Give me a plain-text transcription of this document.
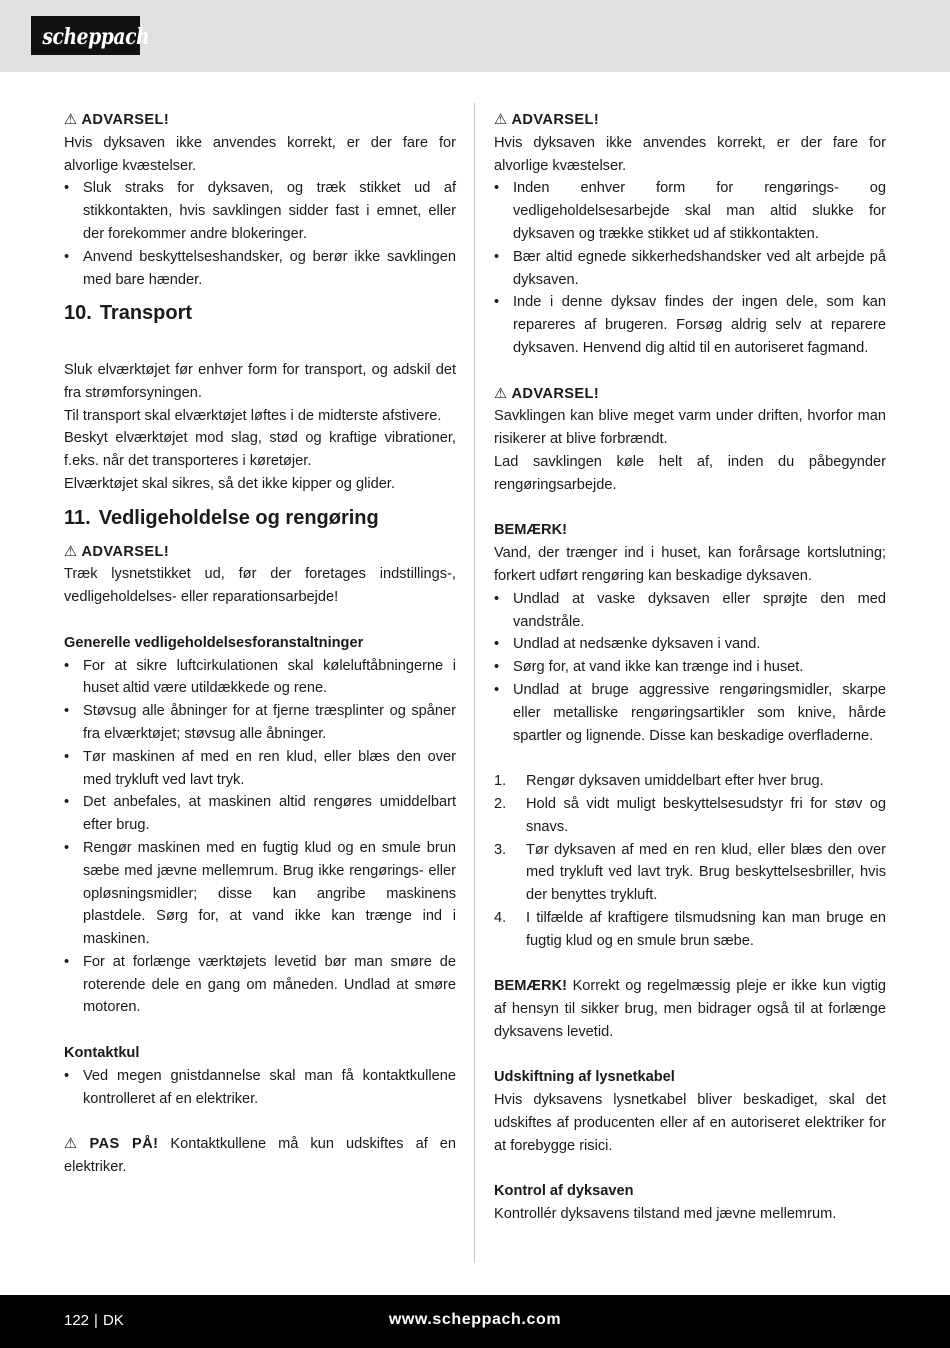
scheppach

⚠ ADVARSEL!

Hvis dyksaven ikke anvendes korrekt, er der fare for alvorlige kvæstelser.

• Sluk straks for dyksaven, og træk stikket ud af stikkontakten, hvis savklingen sidder fast i emnet, eller der forekommer andre blokeringer.
• Anvend beskyttelseshandsker, og berør ikke savklingen med bare hænder.
10. Transport

Sluk elværktøjet før enhver form for transport, og adskil det fra strømforsyningen.

Til transport skal elværktøjet løftes i de midterste afstivere.

Beskyt elværktøjet mod slag, stød og kraftige vibrationer, f.eks. når det transporteres i køretøjer.

Elværktøjet skal sikres, så det ikke kipper og glider.

11. Vedligeholdelse og rengøring

⚠ ADVARSEL!

Træk lysnetstikket ud, før der foretages indstillings-, vedligeholdelses- eller reparationsarbejde!

Generelle vedligeholdelsesforanstaltninger

• For at sikre luftcirkulationen skal køleluftåbningerne i huset altid være utildækkede og rene.
• Støvsug alle åbninger for at fjerne træsplinter og spåner fra elværktøjet; støvsug alle åbninger.
• Tør maskinen af med en ren klud, eller blæs den over med trykluft ved lavt tryk.
• Det anbefales, at maskinen altid rengøres umiddelbart efter brug.
• Rengør maskinen med en fugtig klud og en smule brun sæbe med jævne mellemrum. Brug ikke rengørings- eller opløsningsmidler; disse kan angribe maskinens plastdele. Sørg for, at vand ikke kan trænge ind i maskinen.
• For at forlænge værktøjets levetid bør man smøre de roterende dele en gang om måneden. Undlad at smøre motoren.

Kontaktkul

• Ved megen gnistdannelse skal man få kontaktkullene kontrolleret af en elektriker.

⚠ PAS PÅ! Kontaktkullene må kun udskiftes af en elektriker.

⚠ ADVARSEL!

Hvis dyksaven ikke anvendes korrekt, er der fare for alvorlige kvæstelser.

• Inden enhver form for rengørings- og vedligeholdelsesarbejde skal man altid slukke for dyksaven og trække stikket ud af stikkontakten.
• Bær altid egnede sikkerhedshandsker ved alt arbejde på dyksaven.
• Inde i denne dyksav findes der ingen dele, som kan repareres af brugeren. Forsøg aldrig selv at reparere dyksaven. Henvend dig altid til en autoriseret fagmand.

⚠ ADVARSEL!

Savklingen kan blive meget varm under driften, hvorfor man risikerer at blive forbrændt.

Lad savklingen køle helt af, inden du påbegynder rengøringsarbejde.

BEMÆRK!

Vand, der trænger ind i huset, kan forårsage kortslutning; forkert udført rengøring kan beskadige dyksaven.

• Undlad at vaske dyksaven eller sprøjte den med vandstråle.
• Undlad at nedsænke dyksaven i vand.
• Sørg for, at vand ikke kan trænge ind i huset.
• Undlad at bruge aggressive rengøringsmidler, skarpe eller metalliske rengøringsartikler som knive, hårde spartler og lignende. Disse kan beskadige overfladerne.
1. Rengør dyksaven umiddelbart efter hver brug.
2. Hold så vidt muligt beskyttelsesudstyr fri for støv og snavs.
3. Tør dyksaven af med en ren klud, eller blæs den over med trykluft ved lavt tryk. Brug beskyttelsesbriller, hvis der benyttes trykluft.
4. I tilfælde af kraftigere tilsmudsning kan man bruge en fugtig klud og en smule brun sæbe.

BEMÆRK! Korrekt og regelmæssig pleje er ikke kun vigtig af hensyn til sikker brug, men bidrager også til at forlænge dyksavens levetid.

Udskiftning af lysnetkabel

Hvis dyksavens lysnetkabel bliver beskadiget, skal det udskiftes af producenten eller af en autoriseret elektriker for at forebygge risici.

Kontrol af dyksaven

Kontrollér dyksavens tilstand med jævne mellemrum.

122 | DK	www.scheppach.com
